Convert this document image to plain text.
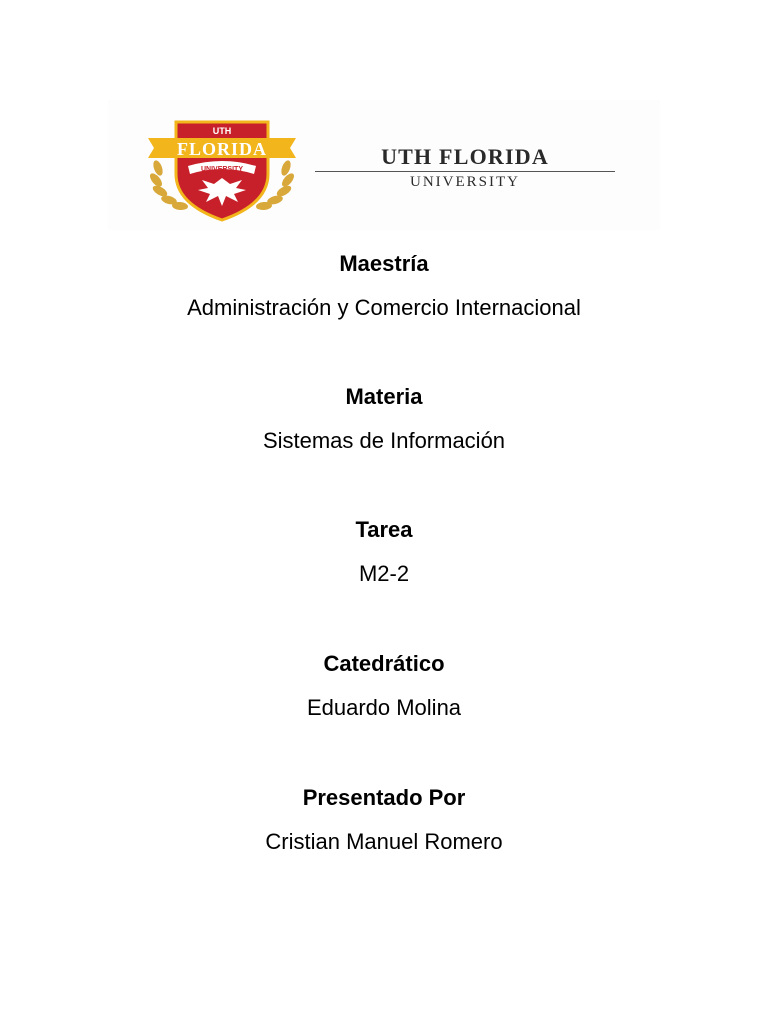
UTH
FLORIDA
UNIVERSITY
UTH FLORIDA
UNIVERSITY

Maestría

Administración y Comercio Internacional

Materia

Sistemas de Información

Tarea

M2-2

Catedrático

Eduardo Molina

Presentado Por

Cristian Manuel Romero
